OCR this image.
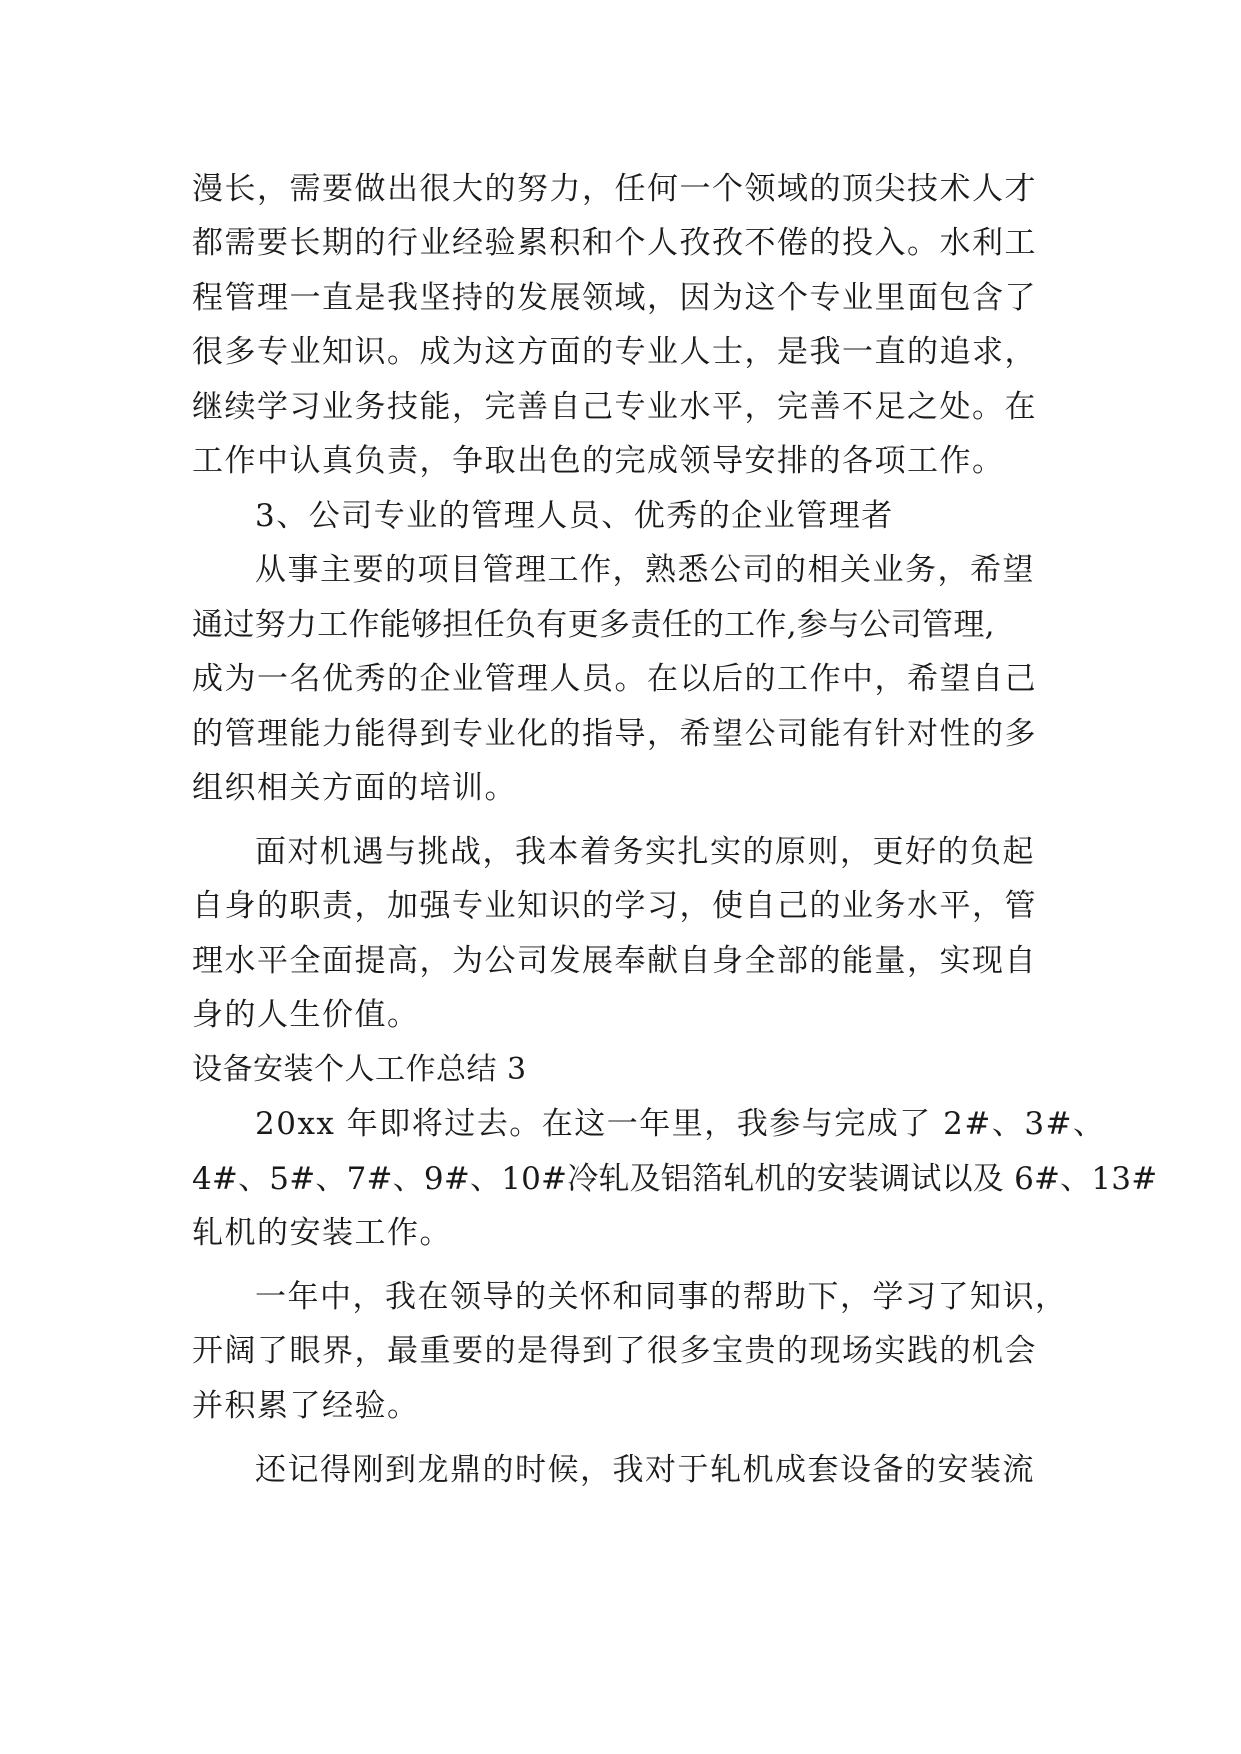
漫长，需要做出很大的努力，任何一个领域的顶尖技术人才

都需要长期的行业经验累积和个人孜孜不倦的投入。水利工

程管理一直是我坚持的发展领域，因为这个专业里面包含了

很多专业知识。成为这方面的专业人士，是我一直的追求，

继续学习业务技能，完善自己专业水平，完善不足之处。在

工作中认真负责，争取出色的完成领导安排的各项工作。

3、公司专业的管理人员、优秀的企业管理者

从事主要的项目管理工作，熟悉公司的相关业务，希望

通过努力工作能够担任负有更多责任的工作,参与公司管理,

成为一名优秀的企业管理人员。在以后的工作中，希望自己

的管理能力能得到专业化的指导，希望公司能有针对性的多

组织相关方面的培训。

面对机遇与挑战，我本着务实扎实的原则，更好的负起

自身的职责，加强专业知识的学习，使自己的业务水平，管

理水平全面提高，为公司发展奉献自身全部的能量，实现自

身的人生价值。

设备安装个人工作总结 3

20xx 年即将过去。在这一年里，我参与完成了 2#、3#、

4#、5#、7#、9#、10#冷轧及铝箔轧机的安装调试以及 6#、13#

轧机的安装工作。

一年中，我在领导的关怀和同事的帮助下，学习了知识，

开阔了眼界，最重要的是得到了很多宝贵的现场实践的机会

并积累了经验。

还记得刚到龙鼎的时候，我对于轧机成套设备的安装流
